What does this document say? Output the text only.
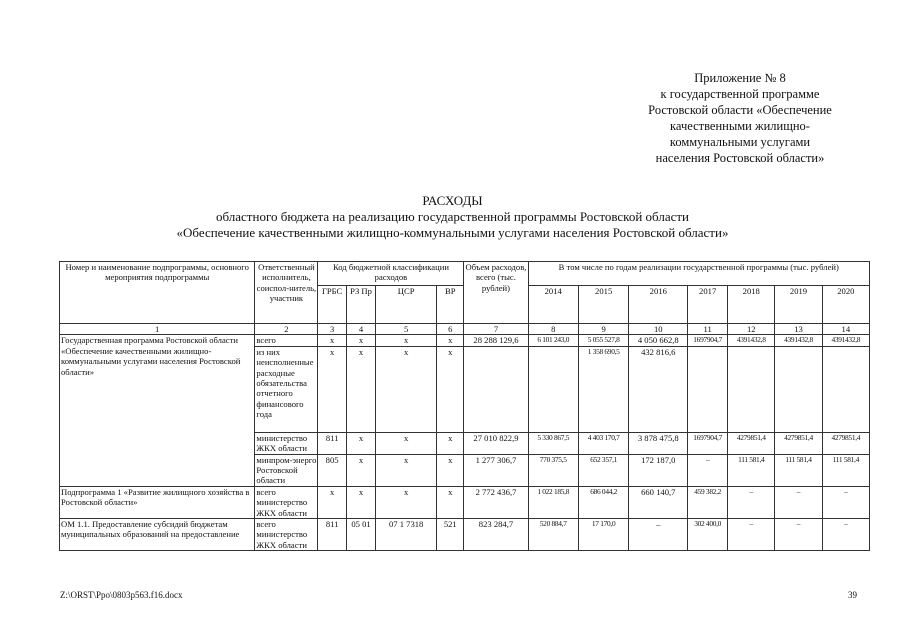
Приложение № 8
к государственной программе
Ростовской области «Обеспечение
качественными жилищно-
коммунальными услугами
населения Ростовской области»
РАСХОДЫ
областного бюджета на реализацию государственной программы Ростовской области
«Обеспечение качественными жилищно-коммунальными услугами населения Ростовской области»
Номер и наименование подпрограммы, основного мероприятия подпрограммы	Ответственный исполнитель, соиспол-нитель, участник	Код бюджетной классификации расходов				Объем расходов, всего (тыс. рублей)	В том числе по годам реализации государственной программы (тыс. рублей)						
		ГРБС	РЗ Пр	ЦСР	ВР		2014	2015	2016	2017	2018	2019	2020
1	2	3	4	5	6	7	8	9	10	11	12	13	14
Государственная программа Ростовской области «Обеспечение качественными жилищно-коммунальными услугами населения Ростовской области»	всего	х	х	х	х	28 288 129,6	6 101 243,0	5 055 527,8	4 050 662,8	1697904,7	4391432,8	4391432,8	4391432,8
	из них неисполненные расходные обязательства отчетного финансового года	х	х	х	х			1 358 690,5	432 816,6				
	министерство ЖКХ области	811	х	х	х	27 010 822,9	5 330 867,5	4 403 170,7	3 878 475,8	1697904,7	4279851,4	4279851,4	4279851,4
	минпром-энерго Ростовской области	805	х	х	х	1 277 306,7	770 375,5	652 357,1	172 187,0	–	111 581,4	111 581,4	111 581,4
Подпрограмма 1 «Развитие жилищного хозяйства в Ростовской области»	всего министерство ЖКХ области	х	х	х	х	2 772 436,7	1 022 185,8	686 044,2	660 140,7	459 382,2	–	–	–
ОМ 1.1. Предоставление субсидий бюджетам муниципальных образований на предоставление	всего министерство ЖКХ области	811	05 01	07 1 7318	521	823 284,7	520 884,7	17 170,0	–	302 400,0	–	–	–
Z:\ORST\Ppo\0803p563.f16.docx	39
